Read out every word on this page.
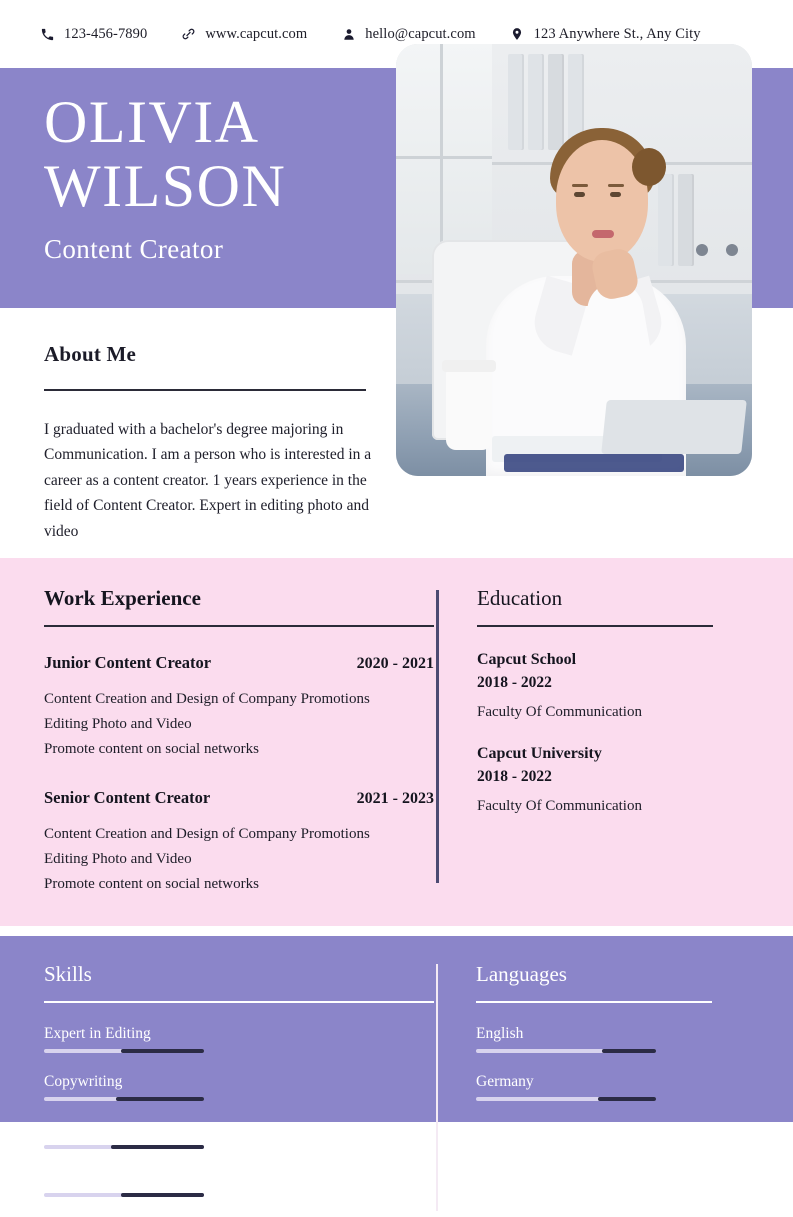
123-456-7890	www.capcut.com	hello@capcut.com	123 Anywhere St., Any City
OLIVIA
WILSON
Content Creator
About Me
I graduated with a bachelor's degree majoring in Communication. I am a person who is interested in a career as a content creator. 1 years experience in the field of Content Creator. Expert in editing photo and video
Work Experience
Junior Content Creator	2020 - 2021
Content Creation and Design of Company Promotions
Editing Photo and Video
Promote content on social networks
Senior Content Creator	2021 - 2023
Content Creation and Design of Company Promotions
Editing Photo and Video
Promote content on social networks
Education
Capcut School
2018 - 2022
Faculty Of Communication
Capcut University
2018 - 2022
Faculty Of Communication
Skills
Expert in Editing
Copywriting
Create logos
Editing Photo and Video
Languages
English
Germany
